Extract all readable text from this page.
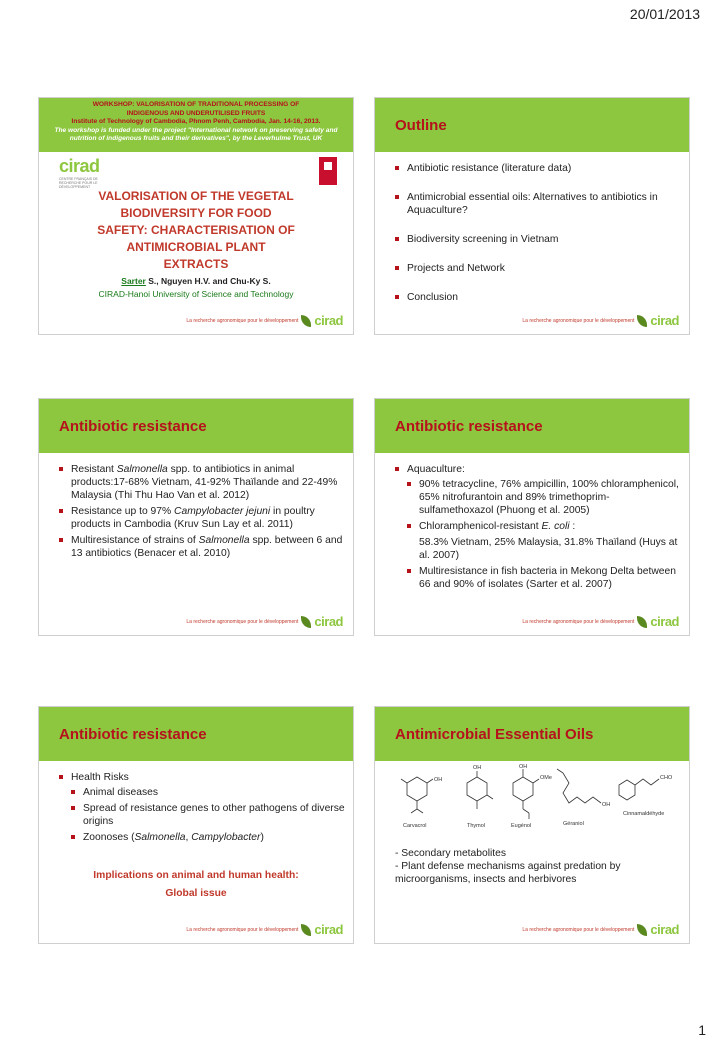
20/01/2013
WORKSHOP: VALORISATION OF TRADITIONAL PROCESSING OF
INDIGENOUS AND UNDERUTILISED FRUITS
Institute of Technology of Cambodia, Phnom Penh, Cambodia, Jan. 14-16, 2013.
The workshop is funded under the project "International network on preserving safety and nutrition of indigenous fruits and their derivatives", by the Leverhulme Trust, UK
cirad
CENTRE FRANÇAIS DE RECHERCHE POUR LE DÉVELOPPEMENT
VALORISATION OF THE VEGETAL
BIODIVERSITY FOR FOOD
SAFETY: CHARACTERISATION OF
ANTIMICROBIAL PLANT
EXTRACTS
Sarter S., Nguyen H.V. and Chu-Ky S.
CIRAD-Hanoi University of Science and Technology
La recherche agronomique pour le développement cirad
Outline
Antibiotic resistance (literature data)
Antimicrobial essential oils: Alternatives to antibiotics in Aquaculture?
Biodiversity screening in Vietnam
Projects and Network
Conclusion
La recherche agronomique pour le développement cirad
Antibiotic resistance
Resistant Salmonella spp. to antibiotics in animal products:17-68% Vietnam, 41-92% Thaïlande and 22-49% Malaysia (Thi Thu Hao Van et al. 2012)
Resistance up to 97% Campylobacter jejuni in poultry products in Cambodia (Kruv Sun Lay et al. 2011)
Multiresistance of strains of Salmonella spp. between 6 and 13 antibiotics (Benacer et al. 2010)
La recherche agronomique pour le développement cirad
Antibiotic resistance
Aquaculture:
90% tetracycline, 76% ampicillin, 100% chloramphenicol, 65% nitrofurantoin and 89% trimethoprim-sulfamethoxazol (Phuong et al. 2005)
Chloramphenicol-resistant E. coli :
58.3% Vietnam, 25% Malaysia, 31.8% Thaïland (Huys at al. 2007)
Multiresistance in fish bacteria in Mekong Delta between 66 and 90% of isolates (Sarter et al. 2007)
La recherche agronomique pour le développement cirad
Antibiotic resistance
Health Risks
Animal diseases
Spread of resistance genes to other pathogens of diverse origins
Zoonoses (Salmonella, Campylobacter)
Implications on animal and human health:
Global issue
La recherche agronomique pour le développement cirad
Antimicrobial Essential Oils
Carvacrol	Thymol	Eugénol	Géraniol
Cinnamaldéhyde
OH
OH
OMe
OH
OH
CHO
- Secondary metabolites
- Plant defense mechanisms against predation by microorganisms, insects and herbivores
La recherche agronomique pour le développement cirad
1
